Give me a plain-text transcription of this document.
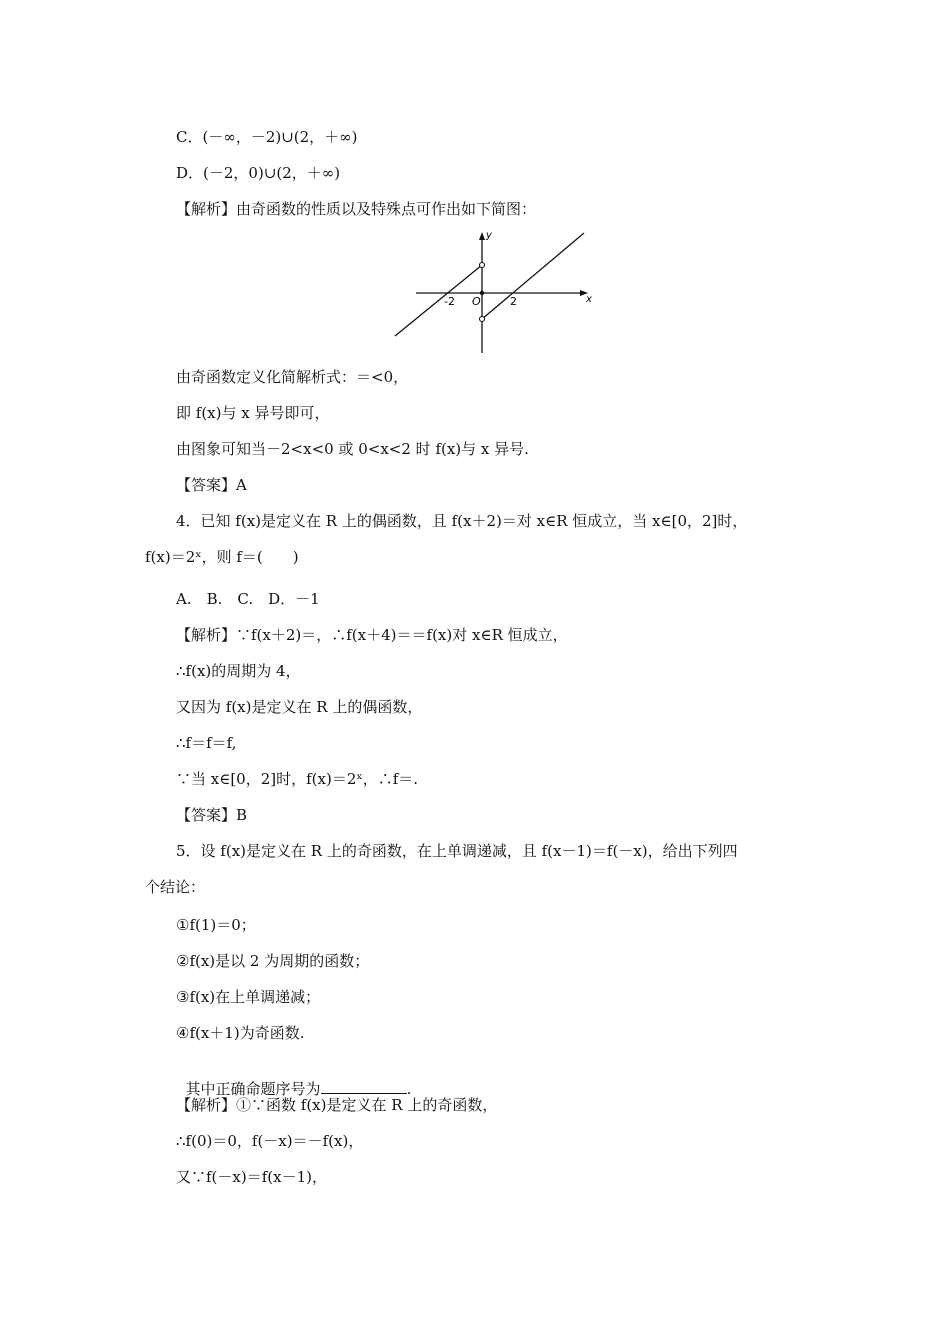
C．(－∞，－2)∪(2，＋∞)
D．(－2，0)∪(2，＋∞)
【解析】由奇函数的性质以及特殊点可作出如下简图：
x
y
O
-2	2
由奇函数定义化简解析式：＝<0，
即 f(x)与 x 异号即可，
由图象可知当－2<x<0 或 0<x<2 时 f(x)与 x 异号.
【答案】A
4．已知 f(x)是定义在 R 上的偶函数，且 f(x＋2)＝对 x∈R 恒成立，当 x∈[0，2]时，
f(x)＝2ˣ，则 f＝(　　)
A.　B.　C.　D．－1
【解析】∵f(x＋2)＝，∴f(x＋4)＝＝f(x)对 x∈R 恒成立，
∴f(x)的周期为 4，
又因为 f(x)是定义在 R 上的偶函数，
∴f＝f＝f,
∵当 x∈[0，2]时，f(x)＝2ˣ，∴f＝.
【答案】B
5．设 f(x)是定义在 R 上的奇函数，在上单调递减，且 f(x－1)＝f(－x)，给出下列四
个结论：
①f(1)＝0；
②f(x)是以 2 为周期的函数；
③f(x)在上单调递减；
④f(x＋1)为奇函数.

其中正确命题序号为	.

【解析】①∵函数 f(x)是定义在 R 上的奇函数，
∴f(0)＝0，f(－x)＝－f(x)，
又∵f(－x)＝f(x－1)，
